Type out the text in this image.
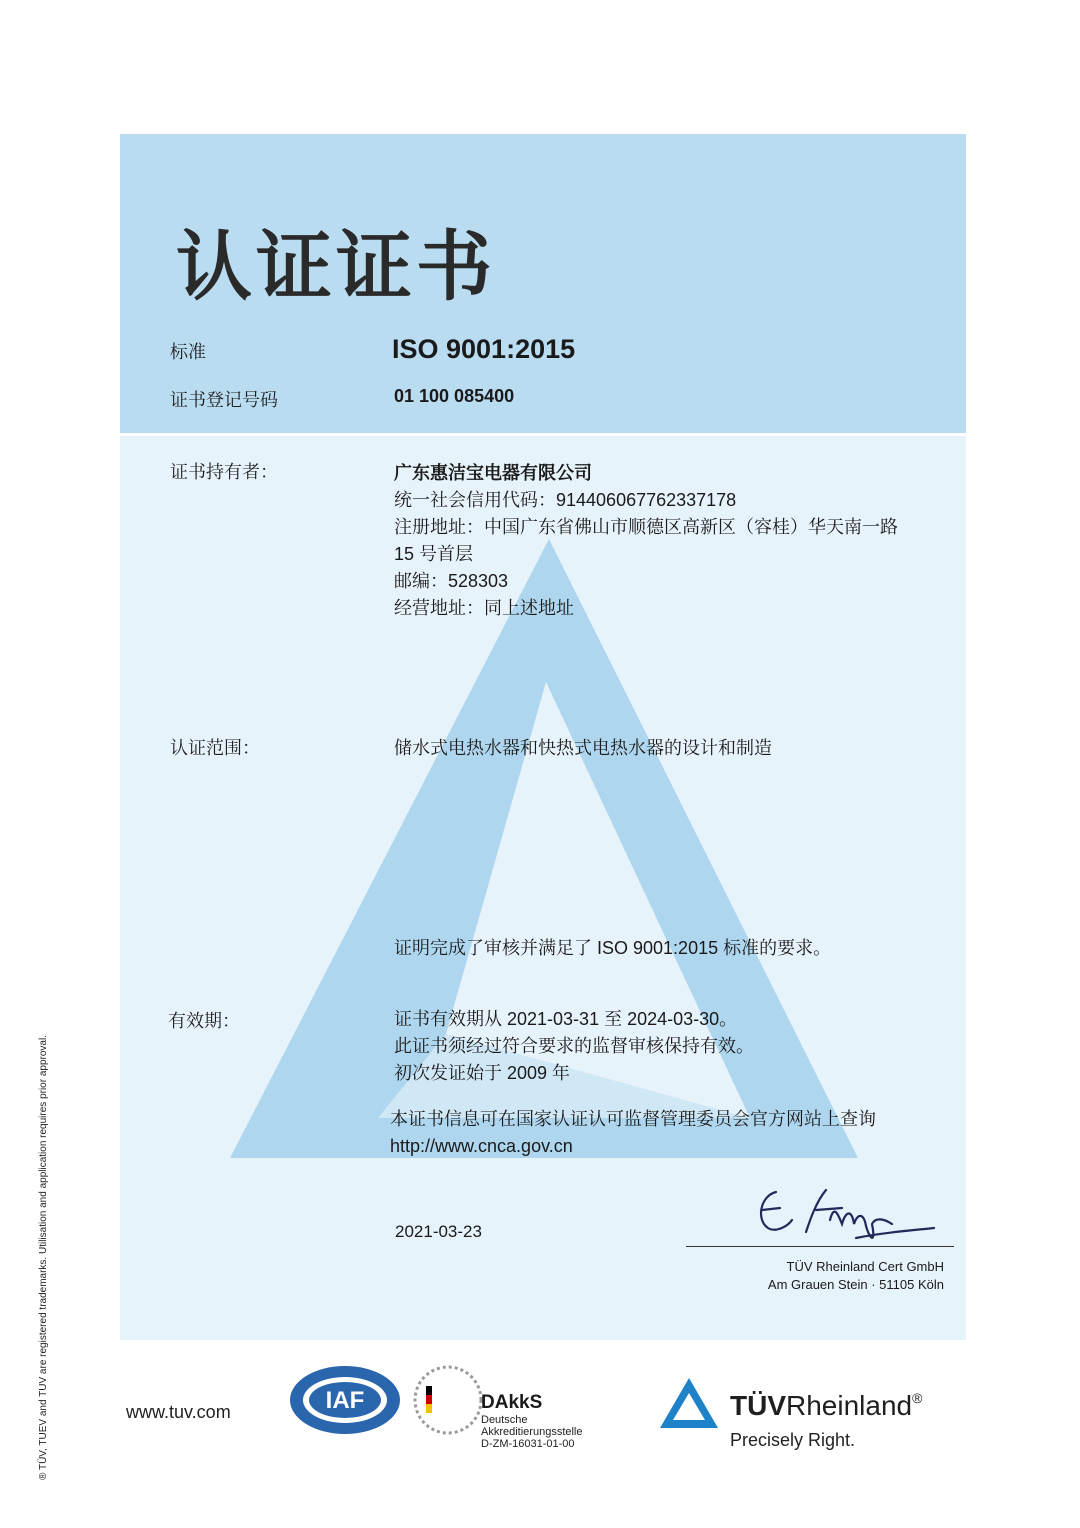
认证证书
标准	ISO 9001:2015
证书登记号码	01 100 085400
证书持有者：	广东惠洁宝电器有限公司
统一社会信用代码：91440606776233717​8
注册地址：中国广东省佛山市顺德区高新区（容桂）华天南一路
15 号首层
邮编：528303
经营地址：同上述地址
认证范围：	储水式电热水器和快热式电热水器的设计和制造
证明完成了审核并满足了 ISO 9001:2015 标准的要求。
有效期：	证书有效期从 2021-03-31 至 2024-03-30。
此证书须经过符合要求的监督审核保持有效。
初次发证始于 2009 年
本证书信息可在国家认证认可监督管理委员会官方网站上查询
http://www.cnca.gov.cn
2021-03-23
TÜV Rheinland Cert GmbH
Am Grauen Stein · 51105 Köln
www.tuv.com	IAF	DAkkS
Deutsche
Akkreditierungsstelle
D-ZM-16031-01-00
TÜVRheinland®
Precisely Right.
® TÜV, TUEV and TUV are registered trademarks. Utilisation and application requires prior approval.
